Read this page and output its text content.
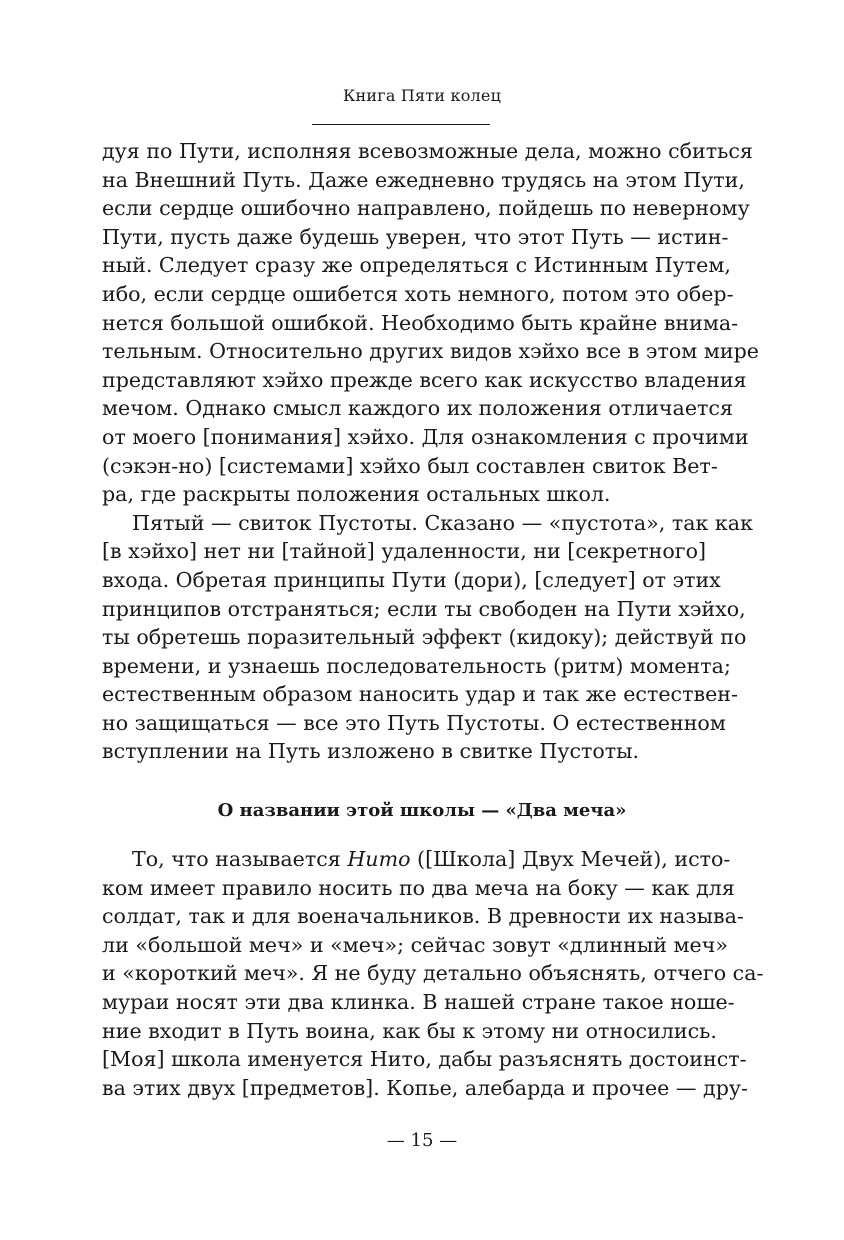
Книга Пяти колец
дуя по Пути, исполняя всевозможные дела, можно сбиться
на Внешний Путь. Даже ежедневно трудясь на этом Пути,
если сердце ошибочно направлено, пойдешь по неверному
Пути, пусть даже будешь уверен, что этот Путь — истин-
ный. Следует сразу же определяться с Истинным Путем,
ибо, если сердце ошибется хоть немного, потом это обер-
нется большой ошибкой. Необходимо быть крайне внима-
тельным. Относительно других видов хэйхо все в этом мире
представляют хэйхо прежде всего как искусство владения
мечом. Однако смысл каждого их положения отличается
от моего [понимания] хэйхо. Для ознакомления с прочими
(сэкэн-но) [системами] хэйхо был составлен свиток Вет-
ра, где раскрыты положения остальных школ.
Пятый — свиток Пустоты. Сказано — «пустота», так как
[в хэйхо] нет ни [тайной] удаленности, ни [секретного]
входа. Обретая принципы Пути (дори), [следует] от этих
принципов отстраняться; если ты свободен на Пути хэйхо,
ты обретешь поразительный эффект (кидоку); действуй по
времени, и узнаешь последовательность (ритм) момента;
естественным образом наносить удар и так же естествен-
но защищаться — все это Путь Пустоты. О естественном
вступлении на Путь изложено в свитке Пустоты.
О названии этой школы — «Два меча»
То, что называется Нито ([Школа] Двух Мечей), исто-
ком имеет правило носить по два меча на боку — как для
солдат, так и для военачальников. В древности их называ-
ли «большой меч» и «меч»; сейчас зовут «длинный меч»
и «короткий меч». Я не буду детально объяснять, отчего са-
мураи носят эти два клинка. В нашей стране такое ноше-
ние входит в Путь воина, как бы к этому ни относились.
[Моя] школа именуется Нито, дабы разъяснять достоинст-
ва этих двух [предметов]. Копье, алебарда и прочее — дру-
— 15 —
